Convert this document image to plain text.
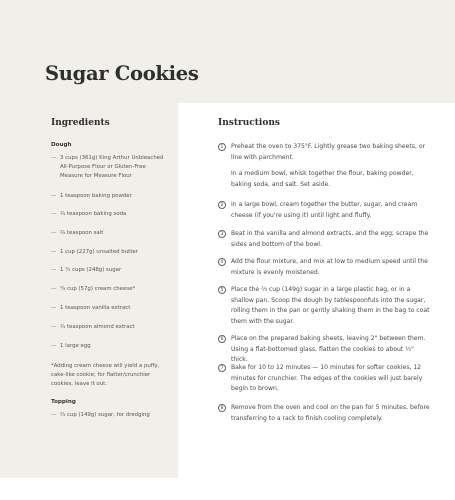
Sugar Cookies
Ingredients
Dough
— 3 cups (361g) King Arthur Unbleached All-Purpose Flour or Gluten-Free Measure for Measure Flour
— 1 teaspoon baking powder
— ¾ teaspoon baking soda
— ¾ teaspoon salt
— 1 cup (227g) unsalted butter
— 1 ¼ cups (248g) sugar
— ¼ cup (57g) cream cheese*
— 1 teaspoon vanilla extract
— ¾ teaspoon almond extract
— 1 large egg
*Adding cream cheese will yield a puffy, cake-like cookie; for flatter/crunchier cookies, leave it out.
Topping
— ⅔ cup (149g) sugar, for dredging
Instructions
1	Preheat the oven to 375°F. Lightly grease two baking sheets, or line with parchment.

In a medium bowl, whisk together the flour, baking powder, baking soda, and salt. Set aside.

2	In a large bowl, cream together the butter, sugar, and cream cheese (if you're using it) until light and fluffy.

3	Beat in the vanilla and almond extracts, and the egg; scrape the sides and bottom of the bowl.

4	Add the flour mixture, and mix at low to medium speed until the mixture is evenly moistened.

5	Place the ⅔ cup (149g) sugar in a large plastic bag, or in a shallow pan. Scoop the dough by tablespoonfuls into the sugar, rolling them in the pan or gently shaking them in the bag to coat them with the sugar.

6	Place on the prepared baking sheets, leaving 2" between them. Using a flat-bottomed glass, flatten the cookies to about ½" thick.

7	Bake for 10 to 12 minutes — 10 minutes for softer cookies, 12 minutes for crunchier. The edges of the cookies will just barely begin to brown.

8	Remove from the oven and cool on the pan for 5 minutes, before transferring to a rack to finish cooling completely.
